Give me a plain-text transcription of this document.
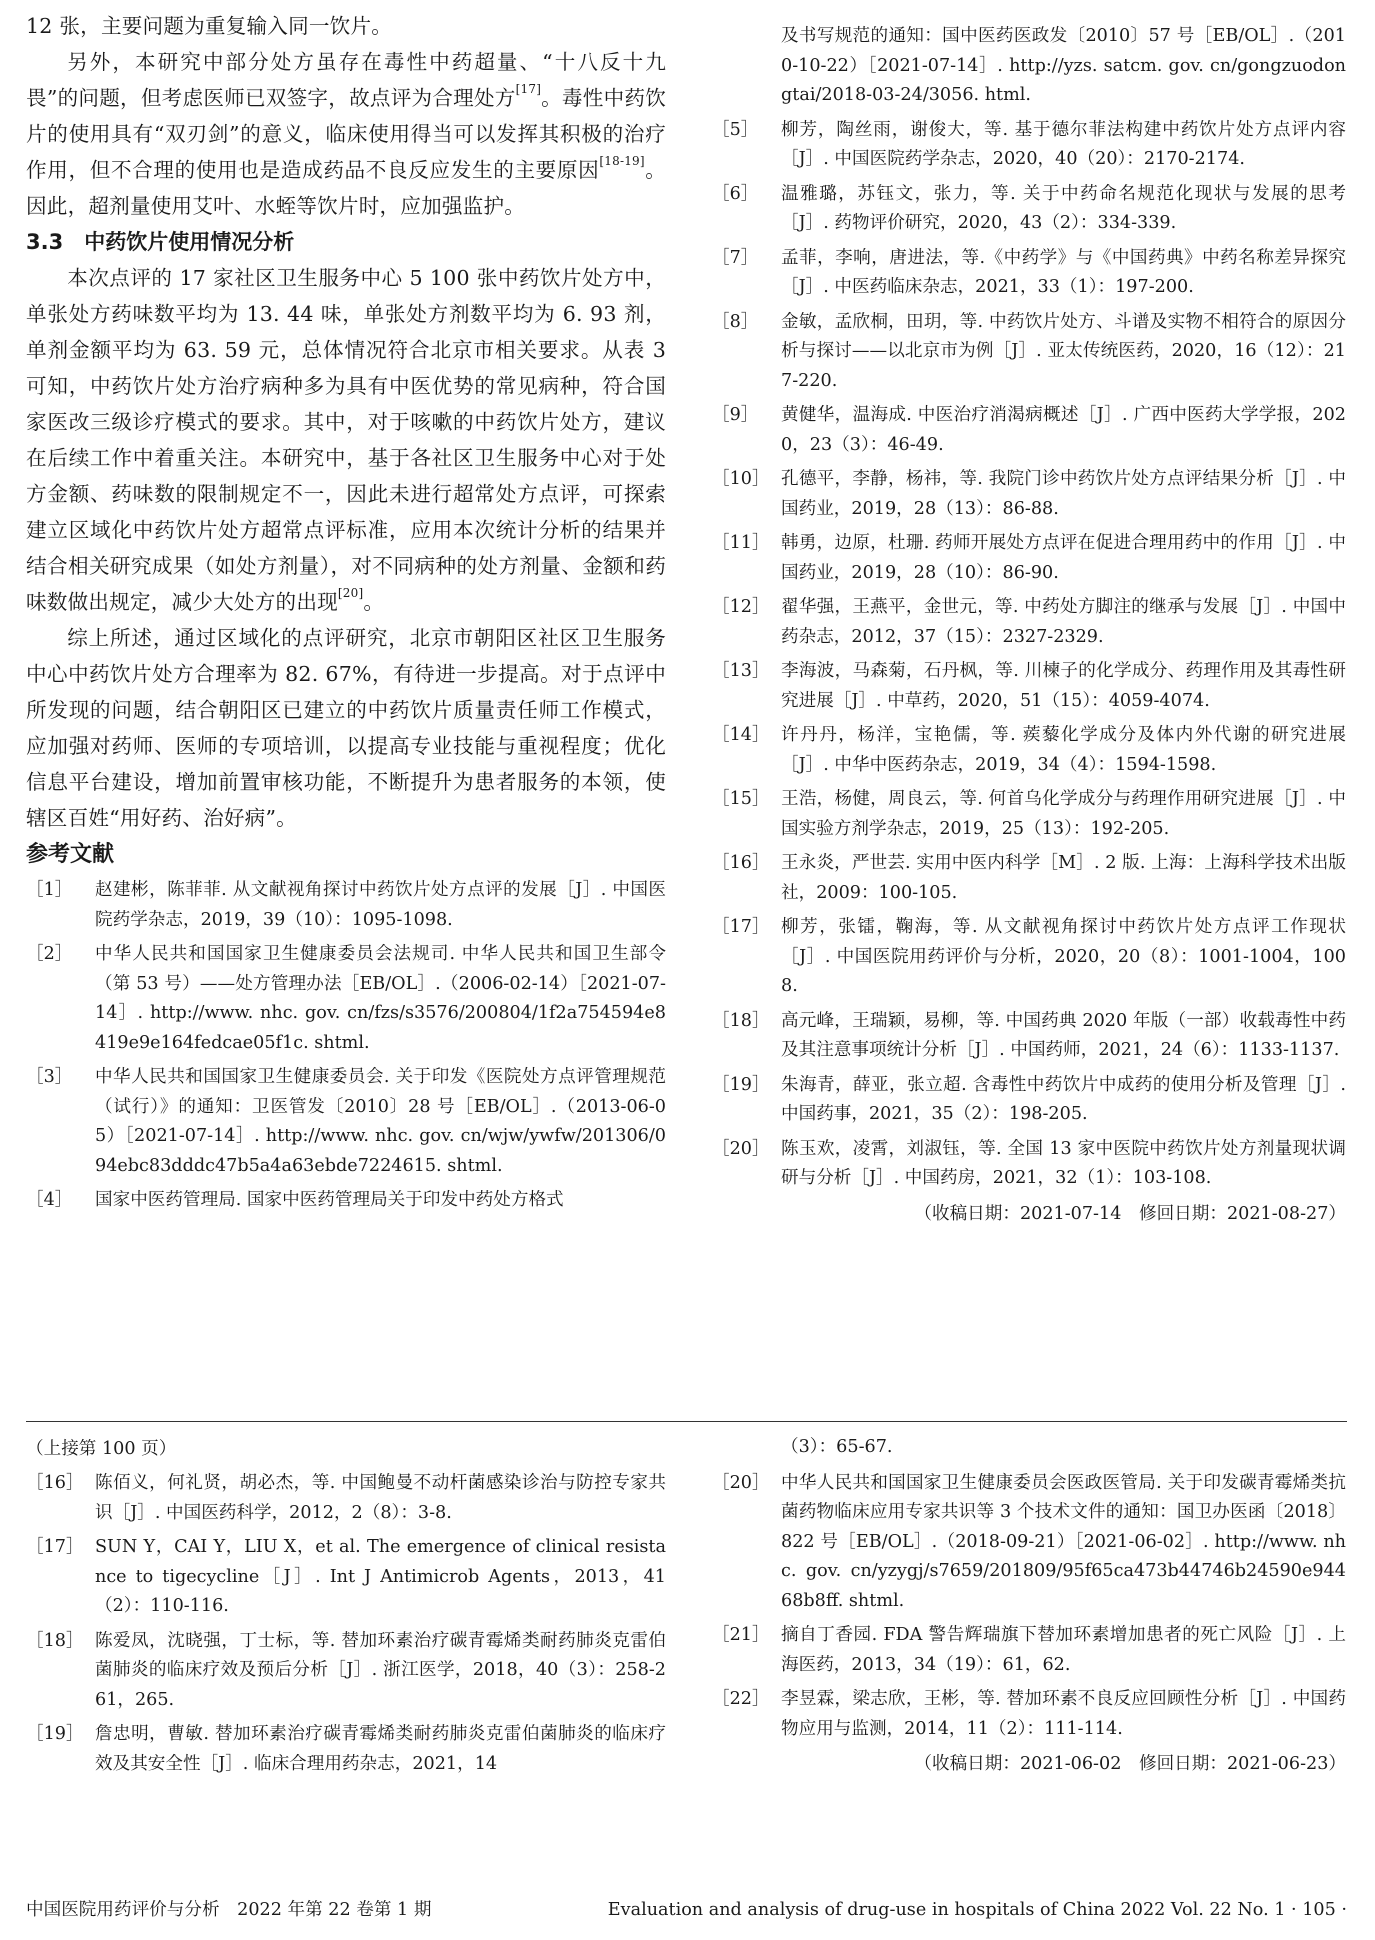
12 张，主要问题为重复输入同一饮片。

另外，本研究中部分处方虽存在毒性中药超量、“十八反十九畏”的问题，但考虑医师已双签字，故点评为合理处方[17]。毒性中药饮片的使用具有“双刃剑”的意义，临床使用得当可以发挥其积极的治疗作用，但不合理的使用也是造成药品不良反应发生的主要原因[18-19]。因此，超剂量使用艾叶、水蛭等饮片时，应加强监护。

3.3　 中药饮片使用情况分析

本次点评的 17 家社区卫生服务中心 5 100 张中药饮片处方中，单张处方药味数平均为 13. 44 味，单张处方剂数平均为 6. 93 剂，单剂金额平均为 63. 59 元，总体情况符合北京市相关要求。从表 3 可知，中药饮片处方治疗病种多为具有中医优势的常见病种，符合国家医改三级诊疗模式的要求。其中，对于咳嗽的中药饮片处方，建议在后续工作中着重关注。本研究中，基于各社区卫生服务中心对于处方金额、药味数的限制规定不一，因此未进行超常处方点评，可探索建立区域化中药饮片处方超常点评标准，应用本次统计分析的结果并结合相关研究成果（如处方剂量），对不同病种的处方剂量、金额和药味数做出规定，减少大处方的出现[20]。

综上所述，通过区域化的点评研究，北京市朝阳区社区卫生服务中心中药饮片处方合理率为 82. 67%，有待进一步提高。对于点评中所发现的问题，结合朝阳区已建立的中药饮片质量责任师工作模式，应加强对药师、医师的专项培训，以提高专业技能与重视程度；优化信息平台建设，增加前置审核功能，不断提升为患者服务的本领，使辖区百姓“用好药、治好病”。

参考文献

［1］	赵建彬，陈菲菲. 从文献视角探讨中药饮片处方点评的发展［J］. 中国医院药学杂志，2019，39（10）：1095-1098.
［2］	中华人民共和国国家卫生健康委员会法规司. 中华人民共和国卫生部令（第 53 号）——处方管理办法［EB/OL］.（2006-02-14）［2021-07-14］. http://www. nhc. gov. cn/fzs/s3576/200804/1f2a754594e8419e9e164fedcae05f1c. shtml.
［3］	中华人民共和国国家卫生健康委员会. 关于印发《医院处方点评管理规范（试行）》的通知：卫医管发〔2010〕28 号［EB/OL］.（2013-06-05）［2021-07-14］. http://www. nhc. gov. cn/wjw/ywfw/201306/094ebc83dddc47b5a4a63ebde7224615. shtml.
［4］	国家中医药管理局. 国家中医药管理局关于印发中药处方格式
及书写规范的通知：国中医药医政发〔2010〕57 号［EB/OL］.（2010-10-22）［2021-07-14］. http://yzs. satcm. gov. cn/gongzuodongtai/2018-03-24/3056. html.
［5］	柳芳，陶丝雨，谢俊大，等. 基于德尔菲法构建中药饮片处方点评内容［J］. 中国医院药学杂志，2020，40（20）：2170-2174.
［6］	温雅璐，苏钰文，张力，等. 关于中药命名规范化现状与发展的思考［J］. 药物评价研究，2020，43（2）：334-339.
［7］	孟菲，李响，唐进法，等.《中药学》与《中国药典》中药名称差异探究［J］. 中医药临床杂志，2021，33（1）：197-200.
［8］	金敏，孟欣桐，田玥，等. 中药饮片处方、斗谱及实物不相符合的原因分析与探讨——以北京市为例［J］. 亚太传统医药，2020，16（12）：217-220.
［9］	黄健华，温海成. 中医治疗消渴病概述［J］. 广西中医药大学学报，2020，23（3）：46-49.
［10］ 孔德平，李静，杨祎，等. 我院门诊中药饮片处方点评结果分析［J］. 中国药业，2019，28（13）：86-88.
［11］ 韩勇，边原，杜珊. 药师开展处方点评在促进合理用药中的作用［J］. 中国药业，2019，28（10）：86-90.
［12］ 翟华强，王燕平，金世元，等. 中药处方脚注的继承与发展［J］. 中国中药杂志，2012，37（15）：2327-2329.
［13］ 李海波，马森菊，石丹枫，等. 川楝子的化学成分、药理作用及其毒性研究进展［J］. 中草药，2020，51（15）：4059-4074.
［14］ 许丹丹，杨洋，宝艳儒，等. 蒺藜化学成分及体内外代谢的研究进展［J］. 中华中医药杂志，2019，34（4）：1594-1598.
［15］ 王浩，杨健，周良云，等. 何首乌化学成分与药理作用研究进展［J］. 中国实验方剂学杂志，2019，25（13）：192-205.
［16］ 王永炎，严世芸. 实用中医内科学［M］. 2 版. 上海：上海科学技术出版社，2009：100-105.
［17］ 柳芳，张镭，鞠海，等. 从文献视角探讨中药饮片处方点评工作现状［J］. 中国医院用药评价与分析，2020，20（8）：1001-1004，1008.
［18］ 高元峰，王瑞颖，易柳，等. 中国药典 2020 年版（一部）收载毒性中药及其注意事项统计分析［J］. 中国药师，2021，24（6）：1133-1137.
［19］ 朱海青，薛亚，张立超. 含毒性中药饮片中成药的使用分析及管理［J］. 中国药事，2021，35（2）：198-205.
［20］ 陈玉欢，凌霄，刘淑钰，等. 全国 13 家中医院中药饮片处方剂量现状调研与分析［J］. 中国药房，2021，32（1）：103-108.
（收稿日期：2021-07-14　修回日期：2021-08-27）

（上接第 100 页）

［16］ 陈佰义，何礼贤，胡必杰，等. 中国鲍曼不动杆菌感染诊治与防控专家共识［J］. 中国医药科学，2012，2（8）：3-8.
［17］ SUN Y，CAI Y，LIU X，et al. The emergence of clinical resistance to tigecycline［J］. Int J Antimicrob Agents，2013，41（2）：110-116.
［18］ 陈爱凤，沈晓强，丁士标，等. 替加环素治疗碳青霉烯类耐药肺炎克雷伯菌肺炎的临床疗效及预后分析［J］. 浙江医学，2018，40（3）：258-261，265.
［19］ 詹忠明，曹敏. 替加环素治疗碳青霉烯类耐药肺炎克雷伯菌肺炎的临床疗效及其安全性［J］. 临床合理用药杂志，2021，14
（3）：65-67.
［20］ 中华人民共和国国家卫生健康委员会医政医管局. 关于印发碳青霉烯类抗菌药物临床应用专家共识等 3 个技术文件的通知：国卫办医函〔2018〕822 号［EB/OL］.（2018-09-21）［2021-06-02］. http://www. nhc. gov. cn/yzygj/s7659/201809/95f65ca473b44746b24590e94468b8ff. shtml.
［21］ 摘自丁香园. FDA 警告辉瑞旗下替加环素增加患者的死亡风险［J］. 上海医药，2013，34（19）：61，62.
［22］ 李昱霖，梁志欣，王彬，等. 替加环素不良反应回顾性分析［J］. 中国药物应用与监测，2014，11（2）：111-114.
（收稿日期：2021-06-02　修回日期：2021-06-23）
中国医院用药评价与分析　2022 年第 22 卷第 1 期	Evaluation and analysis of drug-use in hospitals of China 2022 Vol. 22 No. 1 · 105 ·
